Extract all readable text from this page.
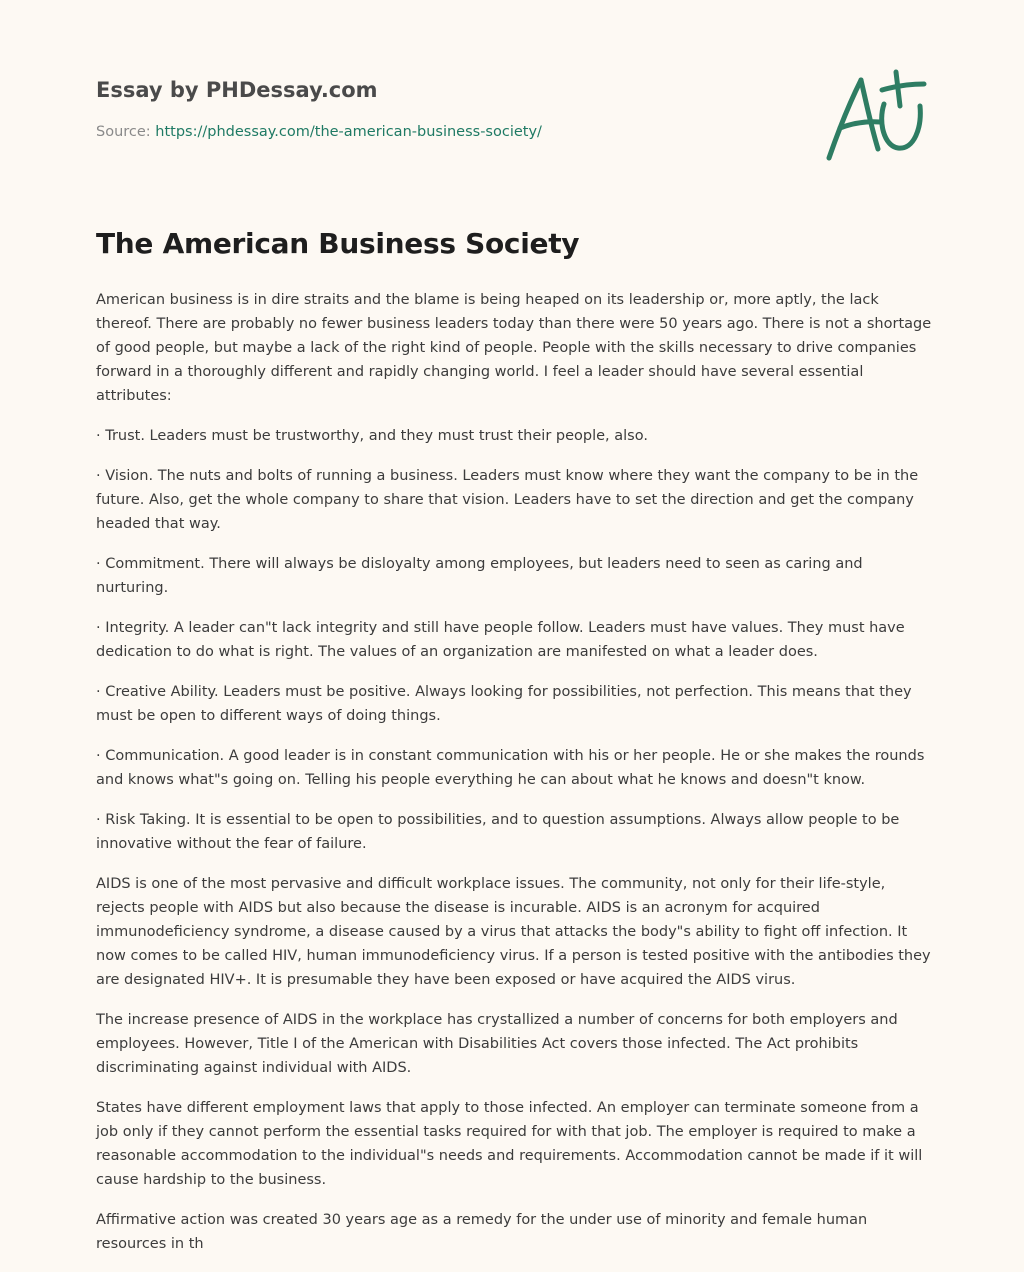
Essay by PHDessay.com
Source: https://phdessay.com/the-american-business-society/
The American Business Society

American business is in dire straits and the blame is being heaped on its leadership or, more aptly, the lack thereof. There are probably no fewer business leaders today than there were 50 years ago. There is not a shortage of good people, but maybe a lack of the right kind of people. People with the skills necessary to drive companies forward in a thoroughly different and rapidly changing world. I feel a leader should have several essential attributes:

· Trust. Leaders must be trustworthy, and they must trust their people, also.

· Vision. The nuts and bolts of running a business. Leaders must know where they want the company to be in the future. Also, get the whole company to share that vision. Leaders have to set the direction and get the company headed that way.

· Commitment. There will always be disloyalty among employees, but leaders need to seen as caring and nurturing.

· Integrity. A leader can"t lack integrity and still have people follow. Leaders must have values. They must have dedication to do what is right. The values of an organization are manifested on what a leader does.

· Creative Ability. Leaders must be positive. Always looking for possibilities, not perfection. This means that they must be open to different ways of doing things.

· Communication. A good leader is in constant communication with his or her people. He or she makes the rounds and knows what"s going on. Telling his people everything he can about what he knows and doesn"t know.

· Risk Taking. It is essential to be open to possibilities, and to question assumptions. Always allow people to be innovative without the fear of failure.

AIDS is one of the most pervasive and difficult workplace issues. The community, not only for their life-style, rejects people with AIDS but also because the disease is incurable. AIDS is an acronym for acquired immunodeficiency syndrome, a disease caused by a virus that attacks the body"s ability to fight off infection. It now comes to be called HIV, human immunodeficiency virus. If a person is tested positive with the antibodies they are designated HIV+. It is presumable they have been exposed or have acquired the AIDS virus.

The increase presence of AIDS in the workplace has crystallized a number of concerns for both employers and employees. However, Title I of the American with Disabilities Act covers those infected. The Act prohibits discriminating against individual with AIDS.

States have different employment laws that apply to those infected. An employer can terminate someone from a job only if they cannot perform the essential tasks required for with that job. The employer is required to make a reasonable accommodation to the individual"s needs and requirements. Accommodation cannot be made if it will cause hardship to the business.

Affirmative action was created 30 years age as a remedy for the under use of minority and female human resources in th
